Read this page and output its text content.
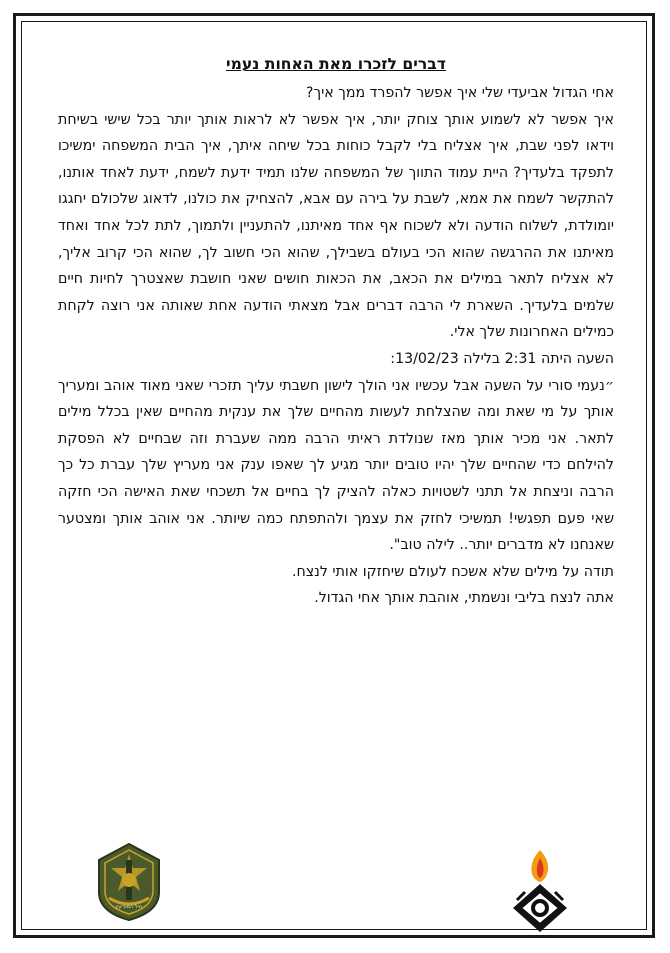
דברים לזכרו מאת האחות נעמי

אחי הגדול אביעדי שלי איך אפשר להפרד ממך איך?

איך אפשר לא לשמוע אותך צוחק יותר, איך אפשר לא לראות אותך יותר בכל שישי בשיחת וידאו לפני שבת, איך אצליח בלי לקבל כוחות בכל שיחה איתך, איך הבית המשפחה ימשיכו לתפקד בלעדיך? היית עמוד התווך של המשפחה שלנו תמיד ידעת לשמח, ידעת לאחד אותנו, להתקשר לשמח את אמא, לשבת על בירה עם אבא, להצחיק את כולנו, לדאוג שלכולם יחגגו יומולדת, לשלוח הודעה ולא לשכוח אף אחד מאיתנו, להתעניין ולתמוך, לתת לכל אחד ואחד מאיתנו את ההרגשה שהוא הכי בעולם בשבילך, שהוא הכי חשוב לך, שהוא הכי קרוב אליך, לא אצליח לתאר במילים את הכאב, את הכאות חושים שאני חושבת שאצטרך לחיות חיים שלמים בלעדיך. השארת לי הרבה דברים אבל מצאתי הודעה אחת שאותה אני רוצה לקחת כמילים האחרונות שלך אלי.

השעה היתה 2:31 בלילה 13/02/23:

״נעמי סורי על השעה אבל עכשיו אני הולך לישון חשבתי עליך תזכרי שאני מאוד אוהב ומעריך אותך על מי שאת ומה שהצלחת לעשות מהחיים שלך את ענקית מהחיים שאין בכלל מילים לתאר. אני מכיר אותך מאז שנולדת ראיתי הרבה ממה שעברת וזה שבחיים לא הפסקת להילחם כדי שהחיים שלך יהיו טובים יותר מגיע לך שאפו ענק אני מעריץ שלך עברת כל כך הרבה וניצחת אל תתני לשטויות כאלה להציק לך בחיים אל תשכחי שאת האישה הכי חזקה שאי פעם תפגשי! תמשיכי לחזק את עצמך ולהתפתח כמה שיותר. אני אוהב אותך ומצטער שאנחנו לא מדברים יותר.. לילה טוב".

תודה על מילים שלא אשכח לעולם שיחזקו אותי לנצח.

אתה לנצח בליבי ונשמתי, אוהבת אותך אחי הגדול.

חיל המודיעין
